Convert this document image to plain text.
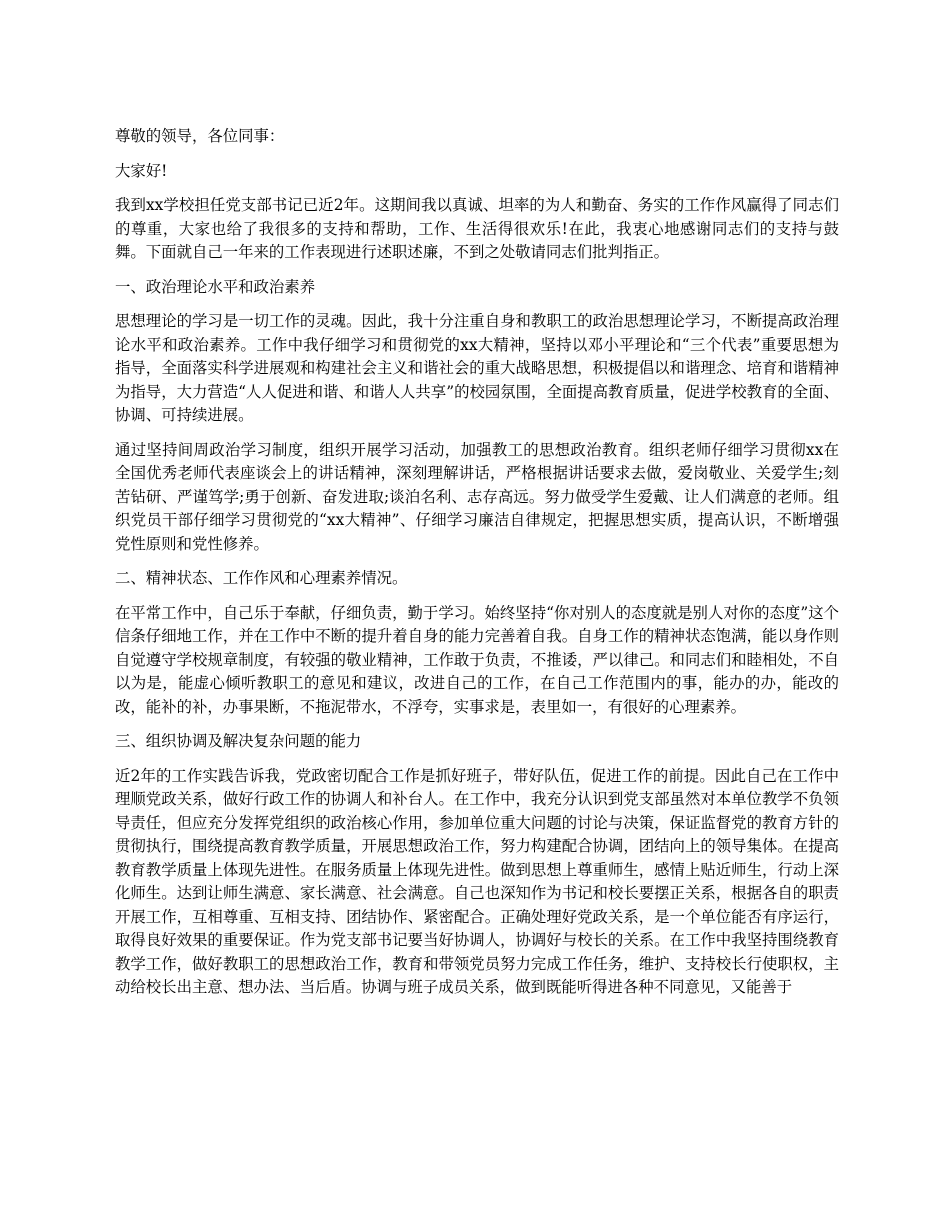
尊敬的领导，各位同事：

大家好!

我到xx学校担任党支部书记已近2年。这期间我以真诚、坦率的为人和勤奋、务实的工作作风赢得了同志们的尊重，大家也给了我很多的支持和帮助，工作、生活得很欢乐!在此，我衷心地感谢同志们的支持与鼓舞。下面就自己一年来的工作表现进行述职述廉，不到之处敬请同志们批判指正。

一、政治理论水平和政治素养

思想理论的学习是一切工作的灵魂。因此，我十分注重自身和教职工的政治思想理论学习，不断提高政治理论水平和政治素养。工作中我仔细学习和贯彻党的xx大精神，坚持以邓小平理论和“三个代表”重要思想为指导，全面落实科学进展观和构建社会主义和谐社会的重大战略思想，积极提倡以和谐理念、培育和谐精神为指导，大力营造“人人促进和谐、和谐人人共享”的校园氛围，全面提高教育质量，促进学校教育的全面、协调、可持续进展。

通过坚持间周政治学习制度，组织开展学习活动，加强教工的思想政治教育。组织老师仔细学习贯彻xx在全国优秀老师代表座谈会上的讲话精神，深刻理解讲话，严格根据讲话要求去做，爱岗敬业、关爱学生;刻苦钻研、严谨笃学;勇于创新、奋发进取;谈泊名利、志存高远。努力做受学生爱戴、让人们满意的老师。组织党员干部仔细学习贯彻党的“xx大精神”、仔细学习廉洁自律规定，把握思想实质，提高认识，不断增强党性原则和党性修养。

二、精神状态、工作作风和心理素养情况。

在平常工作中，自己乐于奉献，仔细负责，勤于学习。始终坚持“你对别人的态度就是别人对你的态度”这个信条仔细地工作，并在工作中不断的提升着自身的能力完善着自我。自身工作的精神状态饱满，能以身作则自觉遵守学校规章制度，有较强的敬业精神，工作敢于负责，不推诿，严以律己。和同志们和睦相处，不自以为是，能虚心倾听教职工的意见和建议，改进自己的工作，在自己工作范围内的事，能办的办，能改的改，能补的补，办事果断，不拖泥带水，不浮夸，实事求是，表里如一，有很好的心理素养。

三、组织协调及解决复杂问题的能力

近2年的工作实践告诉我，党政密切配合工作是抓好班子，带好队伍，促进工作的前提。因此自己在工作中理顺党政关系，做好行政工作的协调人和补台人。在工作中，我充分认识到党支部虽然对本单位教学不负领导责任，但应充分发挥党组织的政治核心作用，参加单位重大问题的讨论与决策，保证监督党的教育方针的贯彻执行，围绕提高教育教学质量，开展思想政治工作，努力构建配合协调，团结向上的领导集体。在提高教育教学质量上体现先进性。在服务质量上体现先进性。做到思想上尊重师生，感情上贴近师生，行动上深化师生。达到让师生满意、家长满意、社会满意。自己也深知作为书记和校长要摆正关系，根据各自的职责开展工作，互相尊重、互相支持、团结协作、紧密配合。正确处理好党政关系，是一个单位能否有序运行，取得良好效果的重要保证。作为党支部书记要当好协调人，协调好与校长的关系。在工作中我坚持围绕教育教学工作，做好教职工的思想政治工作，教育和带领党员努力完成工作任务，维护、支持校长行使职权，主动给校长出主意、想办法、当后盾。协调与班子成员关系，做到既能听得进各种不同意见，又能善于
